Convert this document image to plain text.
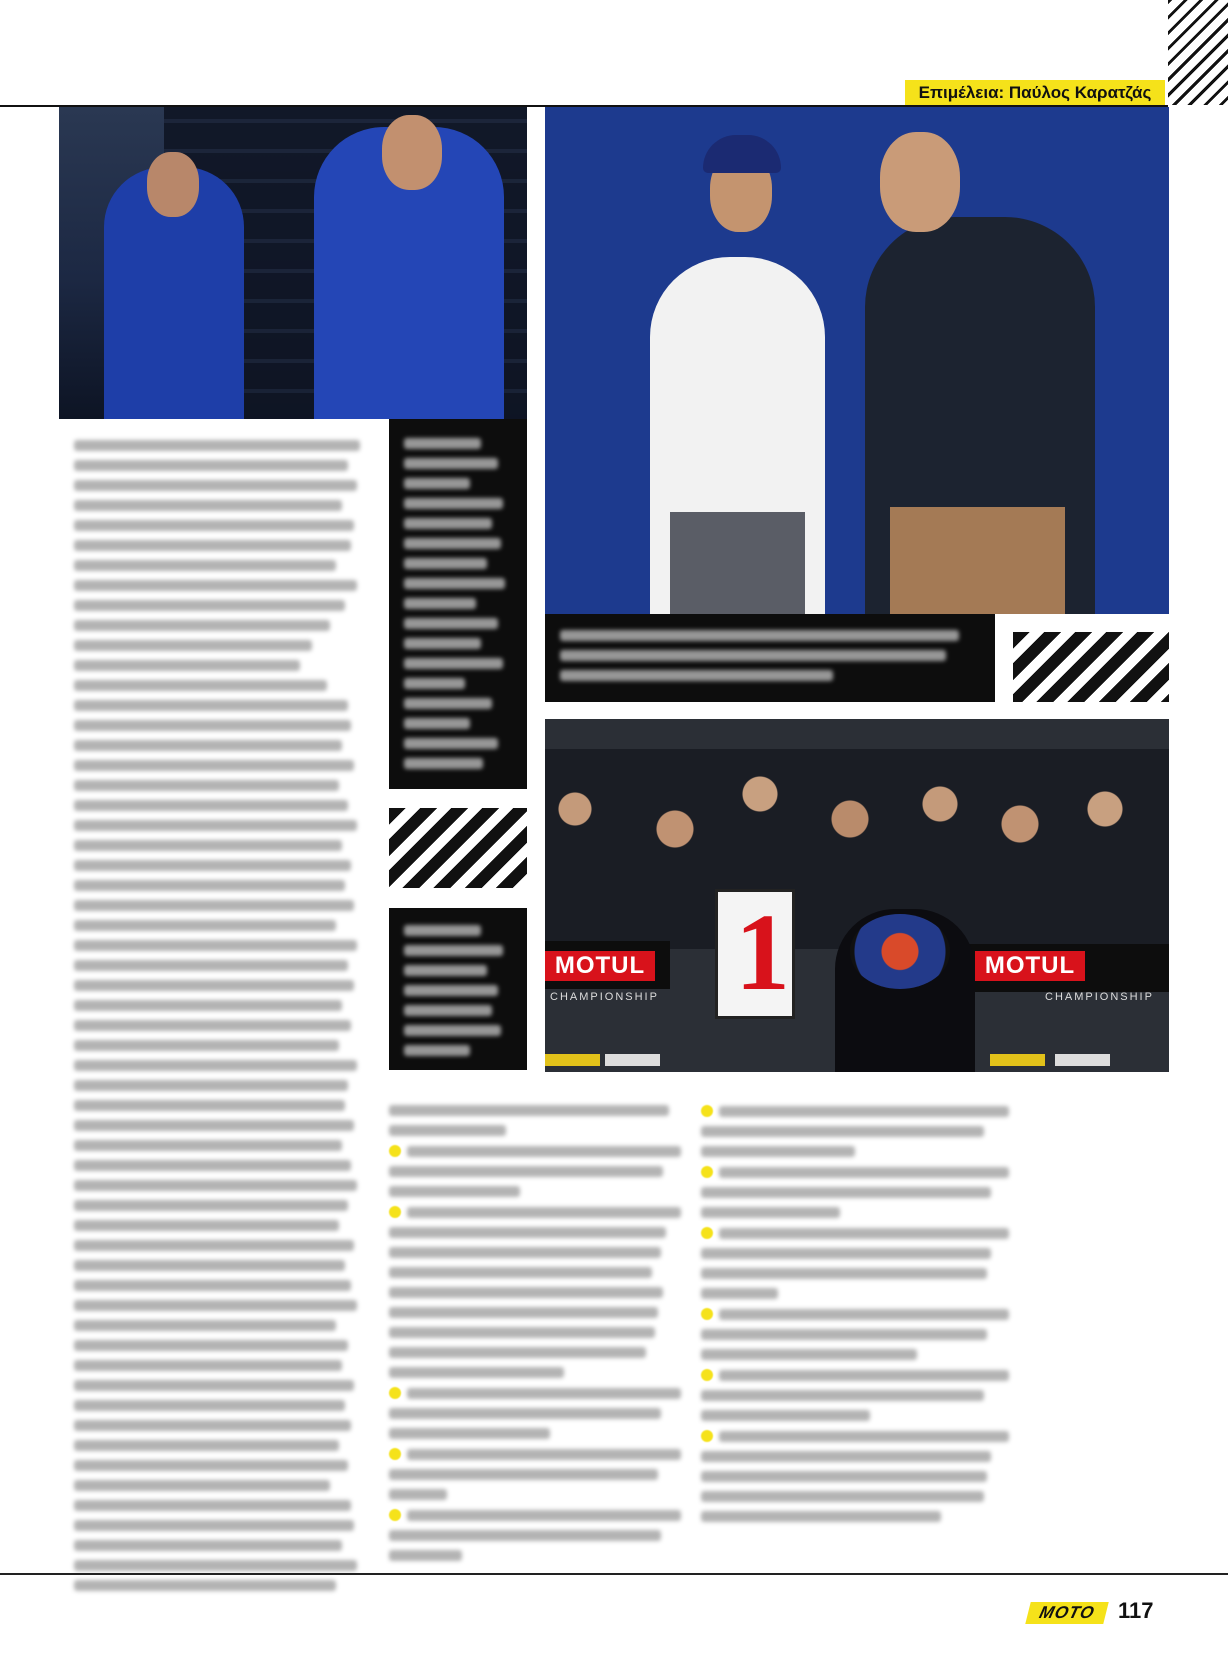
Επιμέλεια: Παύλος Καρατζάς
MOTUL	MOTUL
CHAMPIONSHIP	CHAMPIONSHIP
1
MOTO 117
